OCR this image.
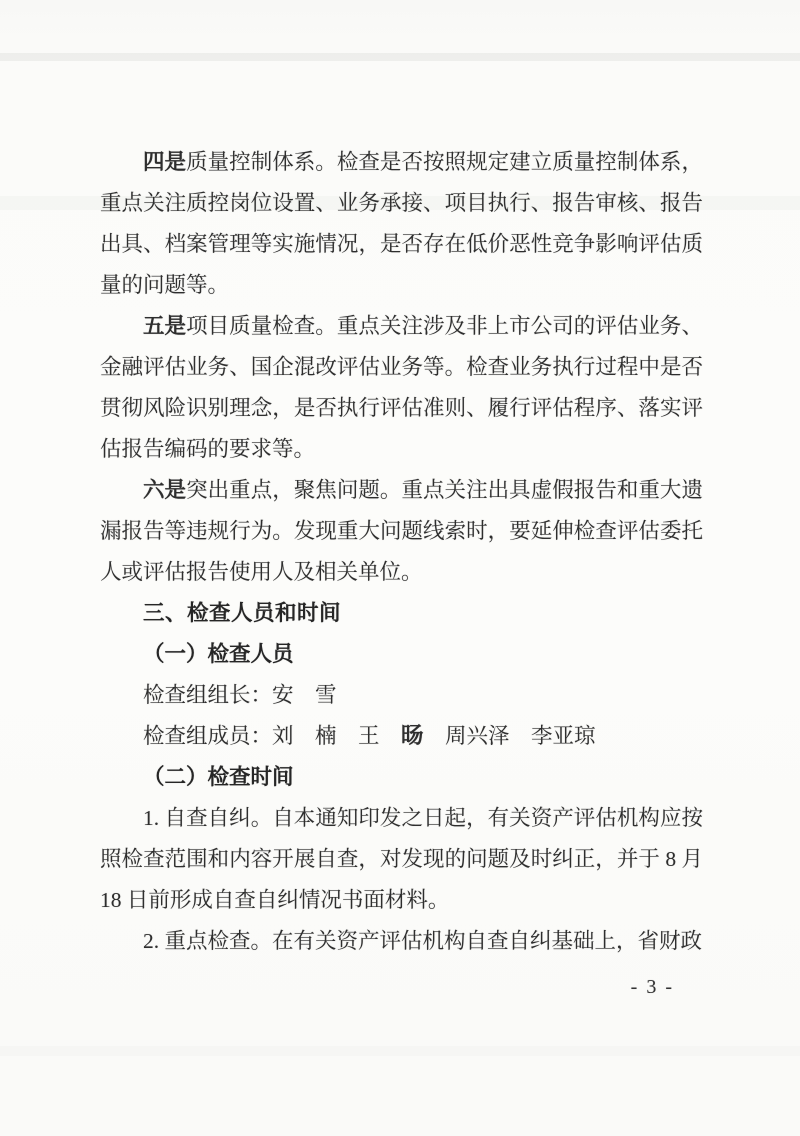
四是质量控制体系。检查是否按照规定建立质量控制体系，重点关注质控岗位设置、业务承接、项目执行、报告审核、报告出具、档案管理等实施情况，是否存在低价恶性竞争影响评估质量的问题等。

五是项目质量检查。重点关注涉及非上市公司的评估业务、金融评估业务、国企混改评估业务等。检查业务执行过程中是否贯彻风险识别理念，是否执行评估准则、履行评估程序、落实评估报告编码的要求等。

六是突出重点，聚焦问题。重点关注出具虚假报告和重大遗漏报告等违规行为。发现重大问题线索时，要延伸检查评估委托人或评估报告使用人及相关单位。

三、检查人员和时间

（一）检查人员

检查组组长：安　雪

检查组成员：刘　楠　王　旸　周兴泽　李亚琼

（二）检查时间

1. 自查自纠。自本通知印发之日起，有关资产评估机构应按照检查范围和内容开展自查，对发现的问题及时纠正，并于 8 月 18 日前形成自查自纠情况书面材料。

2. 重点检查。在有关资产评估机构自查自纠基础上，省财政

- 3 -
